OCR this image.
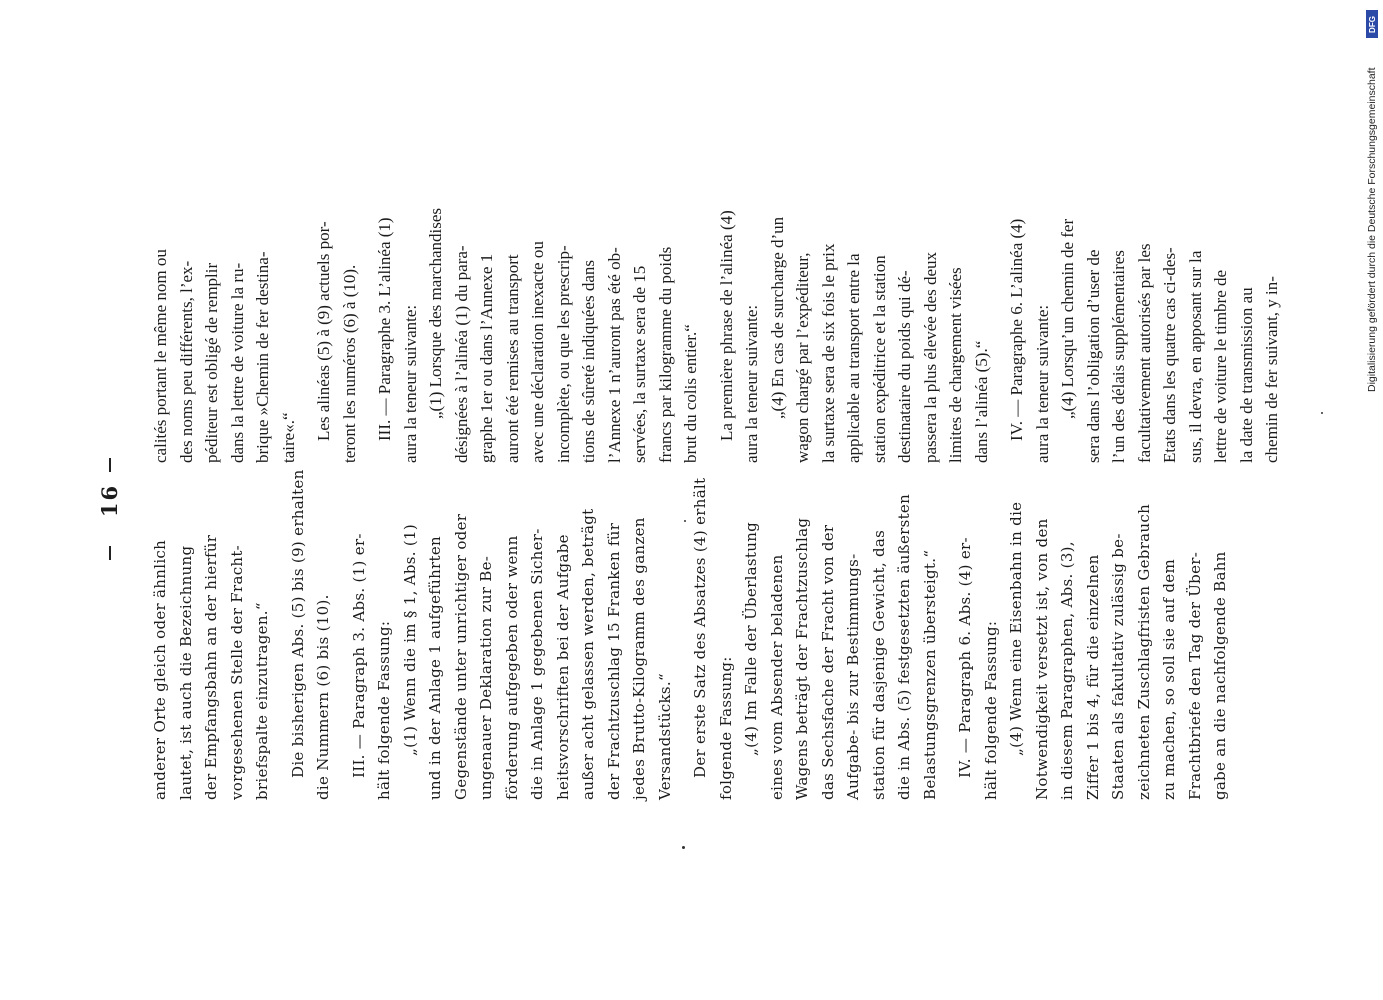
16

anderer Orte gleich oder ähnlich lautet, ist auch die Bezeichnung der Empfangsbahn an der hierfür vorgesehenen Stelle der Fracht- briefspalte einzutragen.“	Die bisherigen Abs. (5) bis (9) erhalten die Nummern (6) bis (10).	III. — Paragraph 3. Abs. (1) er- hält folgende Fassung: „(1) Wenn die im § 1, Abs. (1) und in der Anlage 1 aufgeführten Gegenstände unter unrichtiger oder ungenauer Deklaration zur Be- förderung aufgegeben oder wenn die in Anlage 1 gegebenen Sicher- heitsvorschriften bei der Aufgabe außer acht gelassen werden, beträgt der Frachtzuschlag 15 Franken für jedes Brutto-Kilogramm des ganzen Versandstücks.“	Der erste Satz des Absatzes (4) erhält folgende Fassung: „(4) Im Falle der Überlastung eines vom Absender beladenen Wagens beträgt der Frachtzuschlag das Sechsfache der Fracht von der Aufgabe- bis zur Bestimmungs- station für dasjenige Gewicht, das die in Abs. (5) festgesetzten äußersten Belastungsgrenzen übersteigt.“	IV. — Paragraph 6. Abs. (4) er- hält folgende Fassung: „(4) Wenn eine Eisenbahn in die Notwendigkeit versetzt ist, von den in diesem Paragraphen, Abs. (3), Ziffer 1 bis 4, für die einzelnen Staaten als fakultativ zulässig be- zeichneten Zuschlagfristen Gebrauch zu machen, so soll sie auf dem Frachtbriefe den Tag der Über- gabe an die nachfolgende Bahn

calités portant le même nom ou des noms peu différents, l’ex- péditeur est obligé de remplir dans la lettre de voiture la ru- brique »Chemin de fer destina- taire«.“ Les alinéas (5) à (9) actuels por- teront les numéros (6) à (10). III. — Paragraphe 3. L’alinéa (1) aura la teneur suivante: „(1) Lorsque des marchandises désignées à l’alinéa (1) du para- graphe 1er ou dans l’Annexe 1 auront été remises au transport avec une déclaration inexacte ou incomplète, ou que les prescrip- tions de sûreté indiquées dans l’Annexe 1 n’auront pas été ob- servées, la surtaxe sera de 15 francs par kilogramme du poids brut du colis entier.“ La première phrase de l’alinéa (4) aura la teneur suivante: „(4) En cas de surcharge d’un wagon chargé par l’expéditeur, la surtaxe sera de six fois le prix applicable au transport entre la station expéditrice et la station destinataire du poids qui dé- passera la plus élevée des deux limites de chargement visées dans l’alinéa (5).“ IV. — Paragraphe 6. L’alinéa (4) aura la teneur suivante: „(4) Lorsqu’un chemin de fer sera dans l’obligation d’user de l’un des délais supplémentaires facultativement autorisés par les Etats dans les quatre cas ci-des- sus, il devra, en apposant sur la lettre de voiture le timbre de la date de transmission au chemin de fer suivant, y in-

DFG
Digitalisierung gefördert durch die Deutsche Forschungsgemeinschaft
